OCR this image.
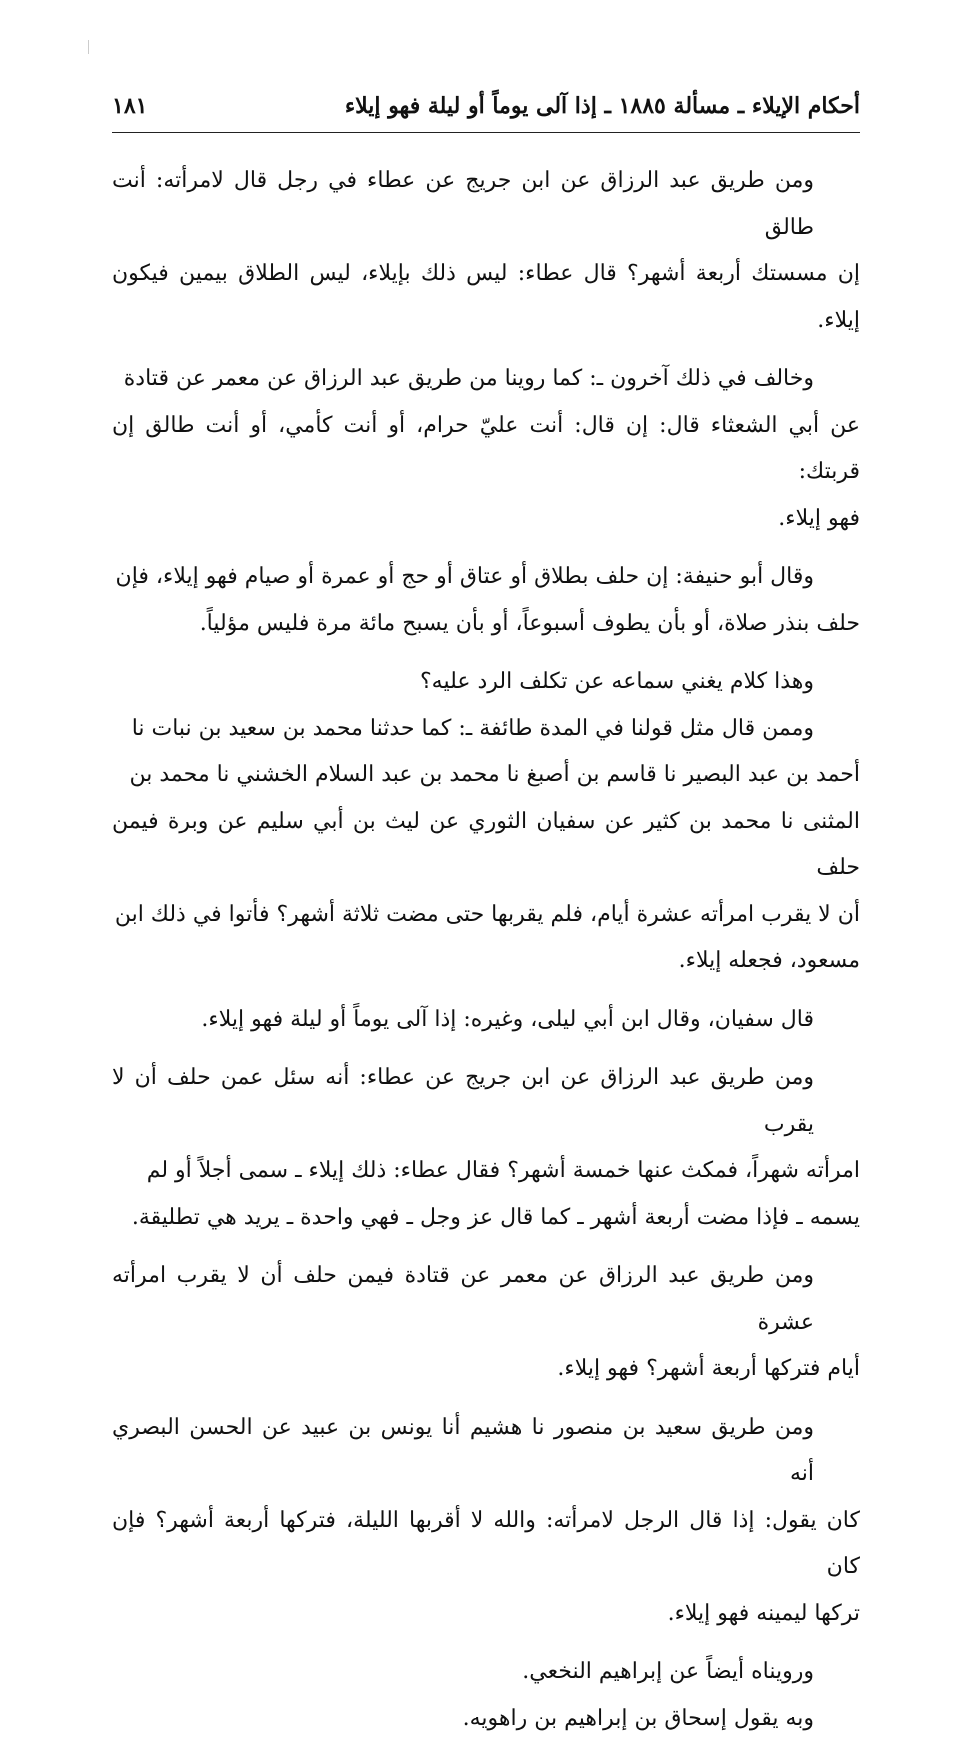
أحكام الإيلاء ـ مسألة ١٨٨٥ ـ إذا آلى يوماً أو ليلة فهو إيلاء
١٨١

ومن طريق عبد الرزاق عن ابن جريج عن عطاء في رجل قال لامرأته: أنت طالق
إن مسستك أربعة أشهر؟ قال عطاء: ليس ذلك بإيلاء، ليس الطلاق بيمين فيكون إيلاء.

وخالف في ذلك آخرون ـ: كما روينا من طريق عبد الرزاق عن معمر عن قتادة
عن أبي الشعثاء قال: إن قال: أنت عليّ حرام، أو أنت كأمي، أو أنت طالق إن قربتك:
فهو إيلاء.

وقال أبو حنيفة: إن حلف بطلاق أو عتاق أو حج أو عمرة أو صيام فهو إيلاء، فإن
حلف بنذر صلاة، أو بأن يطوف أسبوعاً، أو بأن يسبح مائة مرة فليس مؤلياً.

وهذا كلام يغني سماعه عن تكلف الرد عليه؟

وممن قال مثل قولنا في المدة طائفة ـ: كما حدثنا محمد بن سعيد بن نبات نا
أحمد بن عبد البصير نا قاسم بن أصبغ نا محمد بن عبد السلام الخشني نا محمد بن
المثنى نا محمد بن كثير عن سفيان الثوري عن ليث بن أبي سليم عن وبرة فيمن حلف
أن لا يقرب امرأته عشرة أيام، فلم يقربها حتى مضت ثلاثة أشهر؟ فأتوا في ذلك ابن
مسعود، فجعله إيلاء.

قال سفيان، وقال ابن أبي ليلى، وغيره: إذا آلى يوماً أو ليلة فهو إيلاء.

ومن طريق عبد الرزاق عن ابن جريج عن عطاء: أنه سئل عمن حلف أن لا يقرب
امرأته شهراً، فمكث عنها خمسة أشهر؟ فقال عطاء: ذلك إيلاء ـ سمى أجلاً أو لم
يسمه ـ فإذا مضت أربعة أشهر ـ كما قال عز وجل ـ فهي واحدة ـ يريد هي تطليقة.

ومن طريق عبد الرزاق عن معمر عن قتادة فيمن حلف أن لا يقرب امرأته عشرة
أيام فتركها أربعة أشهر؟ فهو إيلاء.

ومن طريق سعيد بن منصور نا هشيم أنا يونس بن عبيد عن الحسن البصري أنه
كان يقول: إذا قال الرجل لامرأته: والله لا أقربها الليلة، فتركها أربعة أشهر؟ فإن كان
تركها ليمينه فهو إيلاء.

ورويناه أيضاً عن إبراهيم النخعي.
وبه يقول إسحاق بن إبراهيم بن راهويه.
